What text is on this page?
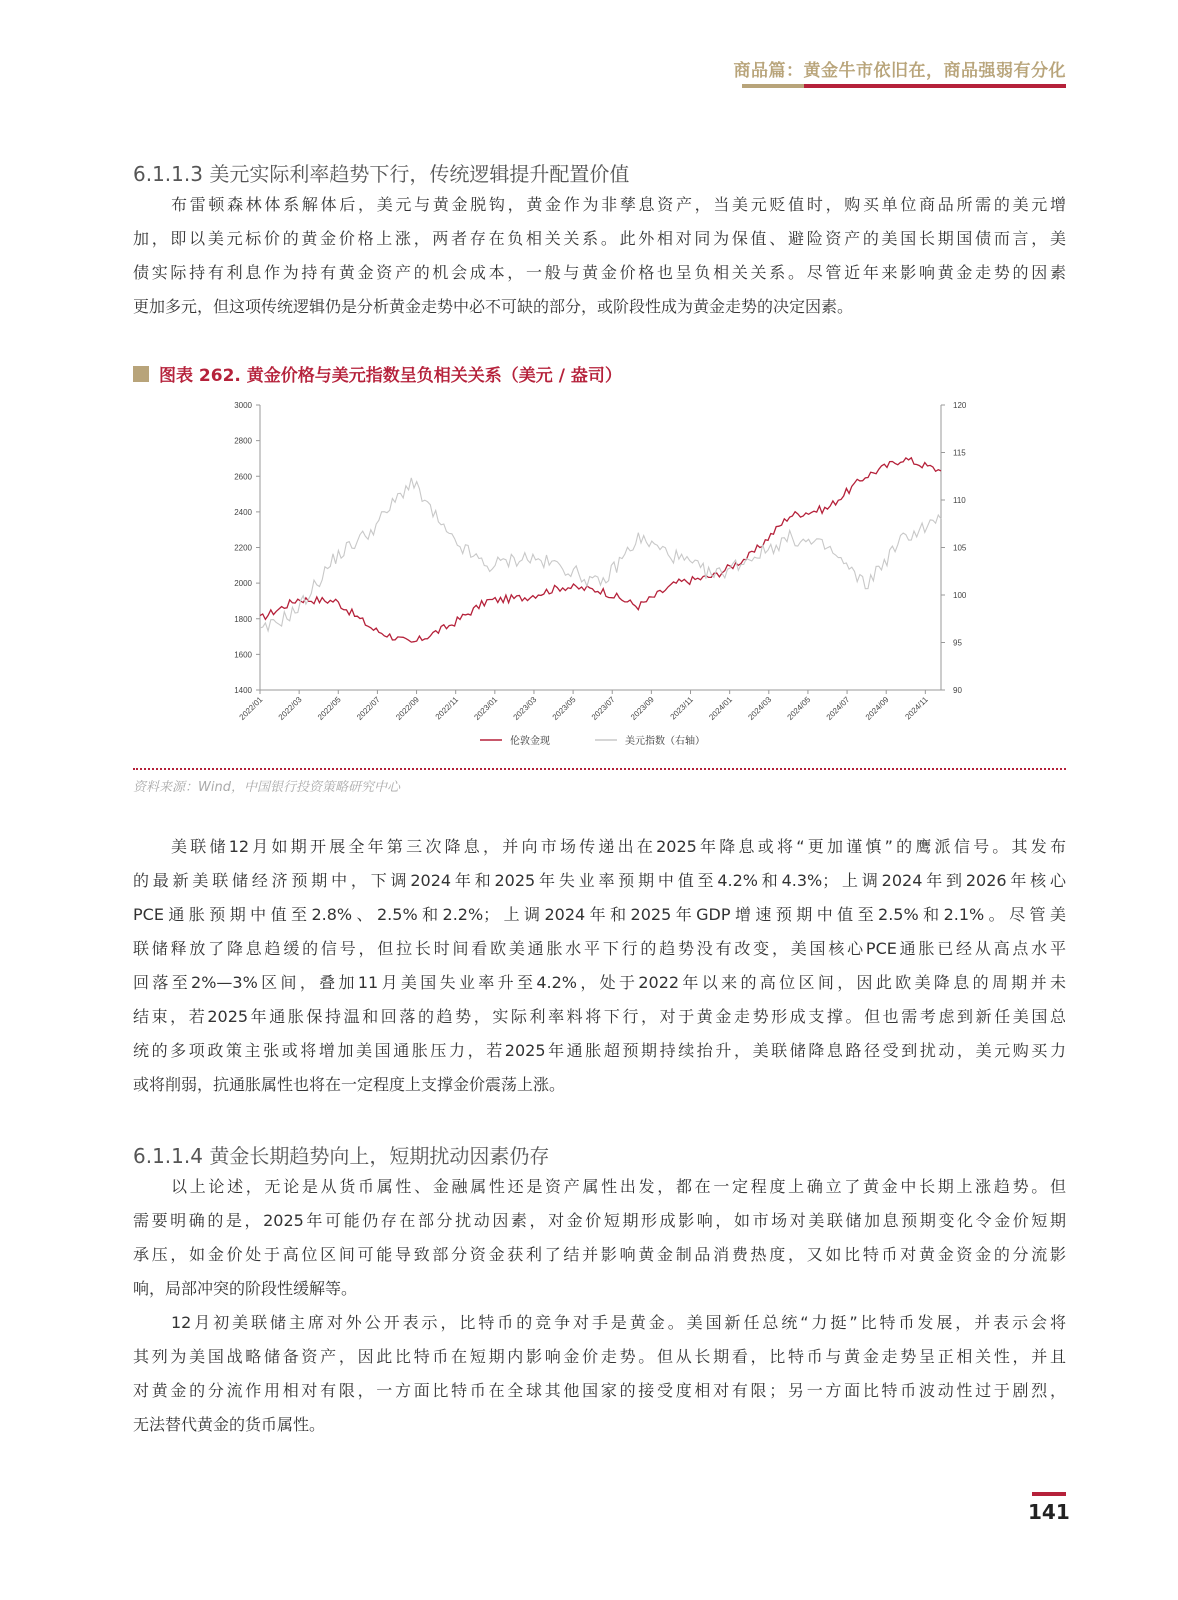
商品篇：黄金牛市依旧在，商品强弱有分化
6.1.1.3 美元实际利率趋势下行，传统逻辑提升配置价值
布雷顿森林体系解体后，美元与黄金脱钩，黄金作为非孳息资产，当美元贬值时，购买单位商品所需的美元增
加，即以美元标价的黄金价格上涨，两者存在负相关关系。此外相对同为保值、避险资产的美国长期国债而言，美
债实际持有利息作为持有黄金资产的机会成本，一般与黄金价格也呈负相关关系。尽管近年来影响黄金走势的因素
更加多元，但这项传统逻辑仍是分析黄金走势中必不可缺的部分，或阶段性成为黄金走势的决定因素。
图表 262. 黄金价格与美元指数呈负相关关系（美元 / 盎司）
1400
1600
1800
2000
2200
2400
2600
2800
3000
90
95
100
105
110
115
120
2022/01 2022/03 2022/05 2022/07 2022/09 2022/11 2023/01 2023/03 2023/05 2023/07 2023/09 2023/11 2024/01 2024/03 2024/05 2024/07 2024/09 2024/11
伦敦金现	美元指数（右轴）
资料来源：Wind，中国银行投资策略研究中心
美联储12月如期开展全年第三次降息，并向市场传递出在2025年降息或将“更加谨慎”的鹰派信号。其发布
的最新美联储经济预期中，下调2024年和2025年失业率预期中值至4.2%和4.3%；上调2024年到2026年核心
PCE通胀预期中值至2.8%、2.5%和2.2%；上调2024年和2025年GDP增速预期中值至2.5%和2.1%。尽管美
联储释放了降息趋缓的信号，但拉长时间看欧美通胀水平下行的趋势没有改变，美国核心PCE通胀已经从高点水平
回落至2%—3%区间，叠加11月美国失业率升至4.2%，处于2022年以来的高位区间，因此欧美降息的周期并未
结束，若2025年通胀保持温和回落的趋势，实际利率料将下行，对于黄金走势形成支撑。但也需考虑到新任美国总
统的多项政策主张或将增加美国通胀压力，若2025年通胀超预期持续抬升，美联储降息路径受到扰动，美元购买力
或将削弱，抗通胀属性也将在一定程度上支撑金价震荡上涨。
6.1.1.4 黄金长期趋势向上，短期扰动因素仍存
以上论述，无论是从货币属性、金融属性还是资产属性出发，都在一定程度上确立了黄金中长期上涨趋势。但
需要明确的是，2025年可能仍存在部分扰动因素，对金价短期形成影响，如市场对美联储加息预期变化令金价短期
承压，如金价处于高位区间可能导致部分资金获利了结并影响黄金制品消费热度，又如比特币对黄金资金的分流影
响，局部冲突的阶段性缓解等。
12月初美联储主席对外公开表示，比特币的竞争对手是黄金。美国新任总统“力挺”比特币发展，并表示会将
其列为美国战略储备资产，因此比特币在短期内影响金价走势。但从长期看，比特币与黄金走势呈正相关性，并且
对黄金的分流作用相对有限，一方面比特币在全球其他国家的接受度相对有限；另一方面比特币波动性过于剧烈，
无法替代黄金的货币属性。
141
